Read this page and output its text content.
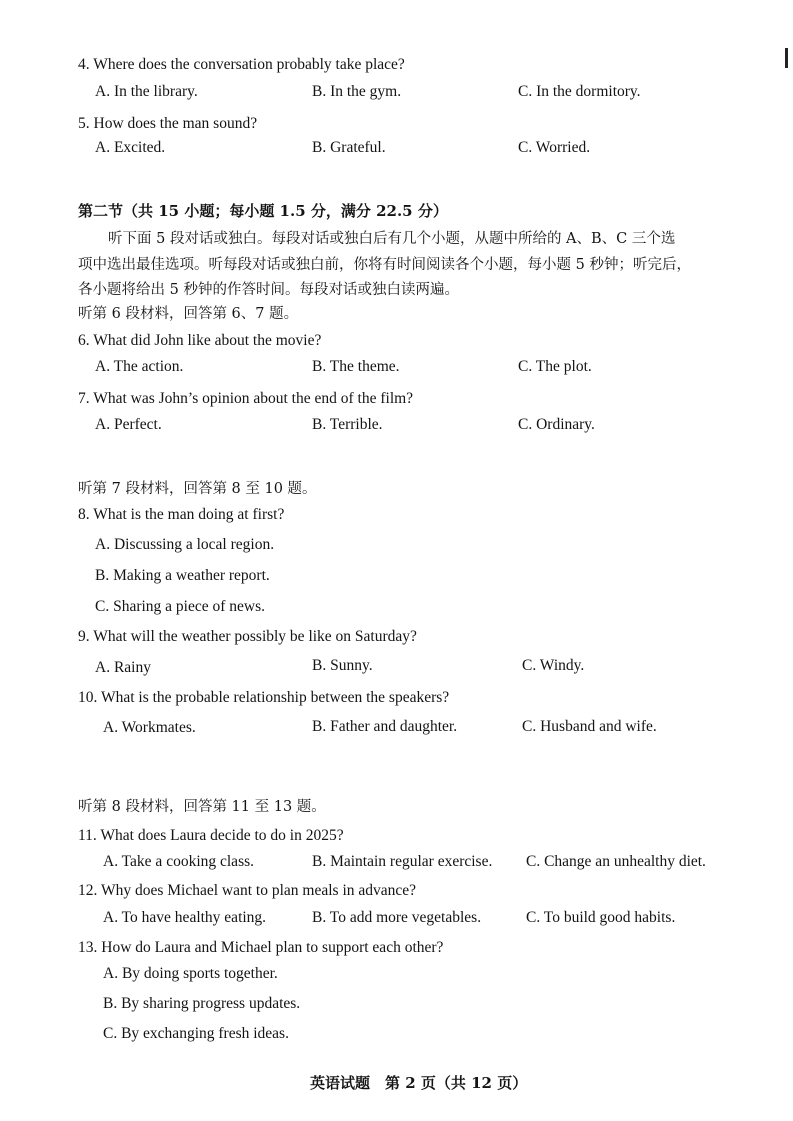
4. Where does the conversation probably take place?
A. In the library.	B. In the gym.	C. In the dormitory.
5. How does the man sound?
A. Excited.	B. Grateful.	C. Worried.
第二节（共 15 小题；每小题 1.5 分，满分 22.5 分）
听下面 5 段对话或独白。每段对话或独白后有几个小题，从题中所给的 A、B、C 三个选
项中选出最佳选项。听每段对话或独白前，你将有时间阅读各个小题，每小题 5 秒钟；听完后，
各小题将给出 5 秒钟的作答时间。每段对话或独白读两遍。
听第 6 段材料，回答第 6、7 题。
6. What did John like about the movie?
A. The action.	B. The theme.	C. The plot.
7. What was John’s opinion about the end of the film?
A. Perfect.	B. Terrible.	C. Ordinary.
听第 7 段材料，回答第 8 至 10 题。
8. What is the man doing at first?
A. Discussing a local region.
B. Making a weather report.
C. Sharing a piece of news.
9. What will the weather possibly be like on Saturday?
A. Rainy	B. Sunny.	C. Windy.
10. What is the probable relationship between the speakers?
A. Workmates.	B. Father and daughter.	C. Husband and wife.
听第 8 段材料，回答第 11 至 13 题。
11. What does Laura decide to do in 2025?
A. Take a cooking class.	B. Maintain regular exercise. C. Change an unhealthy diet.
12. Why does Michael want to plan meals in advance?
A. To have healthy eating.	B. To add more vegetables.	C. To build good habits.
13. How do Laura and Michael plan to support each other?
A. By doing sports together.
B. By sharing progress updates.
C. By exchanging fresh ideas.
英语试题　第 2 页（共 12 页）
